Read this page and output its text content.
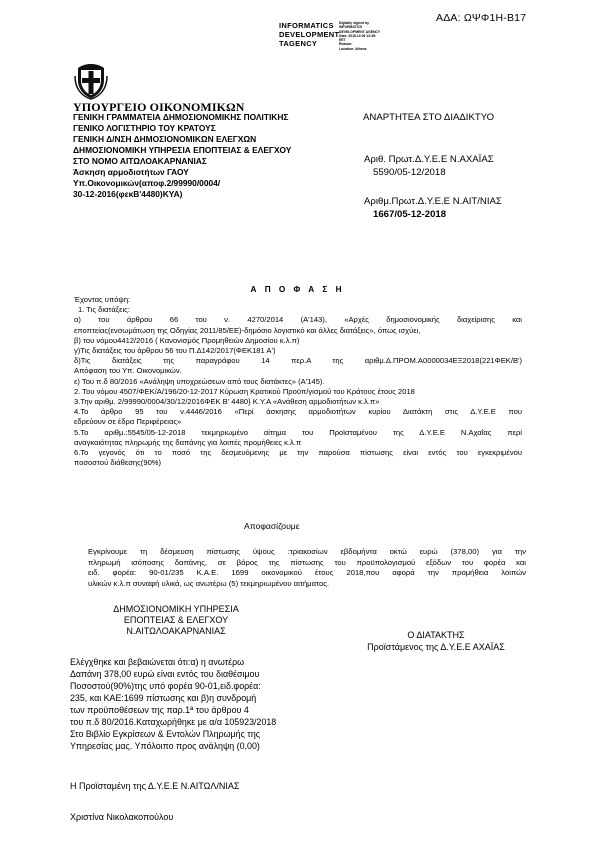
ΑΔΑ: ΩΨΦ1Η-Β17
INFORMATICS
DEVELOPMENT
TAGENCY
Digitally signed by
INFORMATICS
DEVELOPMENT AGENCY
Date: 2018.12.06 12:35:
EET
Reason:
Location: Athens
ΥΠΟΥΡΓΕΙΟ ΟΙΚΟΝΟΜΙΚΩΝ
ΓΕΝΙΚΗ ΓΡΑΜΜΑΤΕΙΑ ΔΗΜΟΣΙΟΝΟΜΙΚΗΣ ΠΟΛΙΤΙΚΗΣ
ΓΕΝΙΚΟ ΛΟΓΙΣΤΗΡΙΟ ΤΟΥ ΚΡΑΤΟΥΣ
ΓΕΝΙΚΗ Δ/ΝΣΗ ΔΗΜΟΣΙΟΝΟΜΙΚΩΝ ΕΛΕΓΧΩΝ
ΔΗΜΟΣΙΟΝΟΜΙΚΗ ΥΠΗΡΕΣΙΑ ΕΠΟΠΤΕΙΑΣ & ΕΛΕΓΧΟΥ
ΣΤΟ ΝΟΜΟ ΑΙΤΩΛΟΑΚΑΡΝΑΝΙΑΣ
Άσκηση αρμοδιοτήτων ΓΑΟΥ
Υπ.Οικονομικών(αποφ.2/99990/0004/
30-12-2016(φεκΒ'4480)ΚΥΑ)
ΑΝΑΡΤΗΤΕΑ ΣΤΟ ΔΙΑΔΙΚΤΥΟ
Αριθ. Πρωτ.Δ.Υ.Ε.Ε Ν.ΑΧΑΪΑΣ
5590/05-12/2018
Αριθμ.Πρωτ.Δ.Υ.Ε.Ε Ν.ΑΙΤ/ΝΙΑΣ
1667/05-12-2018
Α Π Ο Φ Α Σ Η
Έχοντας υπόψη:
1. Τις διατάξεις:
α) του άρθρου 66 του ν. 4270/2014 (Α'143), «Αρχές δημοσιονομικής διαχείρισης και
εποπτείας(ενσωμάτωση της Οδηγίας 2011/85/ΕΕ)-δημόσιο λογιστικό και άλλες διατάξεις», όπως ισχύει,
β) του νόμου4412/2016 ( Κανονισμός Προμηθειών Δημοσίου κ.λ.π)
γ)Τις διατάξεις του άρθρου 56 του Π.Δ142/2017(ΦΕΚ181 Α')
δ)Τις διατάξεις της παραγράφου 14 περ.Α της αριθμ.Δ.ΠΡΟΜ.Α0000034ΕΞ2018(221ΦΕΚ/Β')
Απόφαση του Υπ. Οικονομικών.
ε) Του π.δ 80/2016 «Ανάληψη υποχρεώσεων από τους διατάκτες» (Α'145).
2. Του νόμου 4507/ΦΕΚ/Α/196/20-12-2017 Κύρωση Κρατικού Προϋπ/γισμού του Κράτους έτους 2018
3.Την αριθμ. 2/99990/0004/30/12/2016ΦΕΚ Β' 4480} Κ.Υ.Α «Ανάθεση αρμοδιοτήτων κ.λ.π»
4.Το άρθρο 95 του ν.4446/2016 «Περί άσκησης αρμοδιοτήτων κυρίου Διατάκτη στις Δ.Υ.Ε.Ε που
εδρεύουν σε έδρα Περιφέρειας»
5.Το αριθμ.:5545/05-12-2018 τεκμηριωμένο αίτημα του Προϊσταμένου της Δ.Υ.Ε.Ε Ν.Αχαΐας περί
αναγκαιότητας πληρωμής της δαπάνης για λοιπές προμήθειες κ.λ.π
6.Το γεγονός ότι το ποσό της δεσμευόμενης με την παρούσα πίστωσης είναι εντός του εγκεκριμένου
ποσοστού διάθεσης(90%)
Αποφασίζουμε
Εγκρίνουμε τη δέσμευση πίστωσης ύψους :τριακοσίων εβδομήντα οκτώ ευρώ (378,00) για την
πληρωμή ισόποσης δαπάνης, σε βάρος της πίστωσης του προϋπολογισμού εξόδων του φορέα και
ειδ. φορέα: 90-01/235 Κ.Α.Ε. 1699 οικονομικού έτους 2018,που αφορά την προμήθεια λοιπών
υλικών κ.λ.π συναφή υλικά, ως ανωτέρω (5) τεκμηριωμένου αιτήματος.
ΔΗΜΟΣΙΟΝΟΜΙΚΗ ΥΠΗΡΕΣΙΑ
ΕΠΟΠΤΕΙΑΣ & ΕΛΕΓΧΟΥ
Ν.ΑΙΤΩΛΟΑΚΑΡΝΑΝΙΑΣ	Ο ΔΙΑΤΑΚΤΗΣ
Προϊστάμενος της Δ.Υ.Ε.Ε ΑΧΑΪΑΣ
Ελέγχθηκε και βεβαιώνεται ότι:α) η ανωτέρω
Δαπάνη 378,00 ευρώ είναι εντός του διαθέσιμου
Ποσοστού(90%)της υπό φορέα 90-01,ειδ.φορέα:
235, και ΚΑΕ:1699 πίστωσης και β)η συνδρομή
των προϋποθέσεων της παρ.1ª του άρθρου 4
του π.δ 80/2016.Καταχωρήθηκε με α/α 105923/2018
Στο Βιβλίο Εγκρίσεων & Εντολών Πληρωμής της
Υπηρεσίας μας. Υπόλοιπο προς ανάληψη (0,00)
Η Προϊσταμένη της Δ.Υ.Ε.Ε Ν.ΑΙΤΩΛ/ΝΙΑΣ
Χριστίνα Νικολακοπούλου
